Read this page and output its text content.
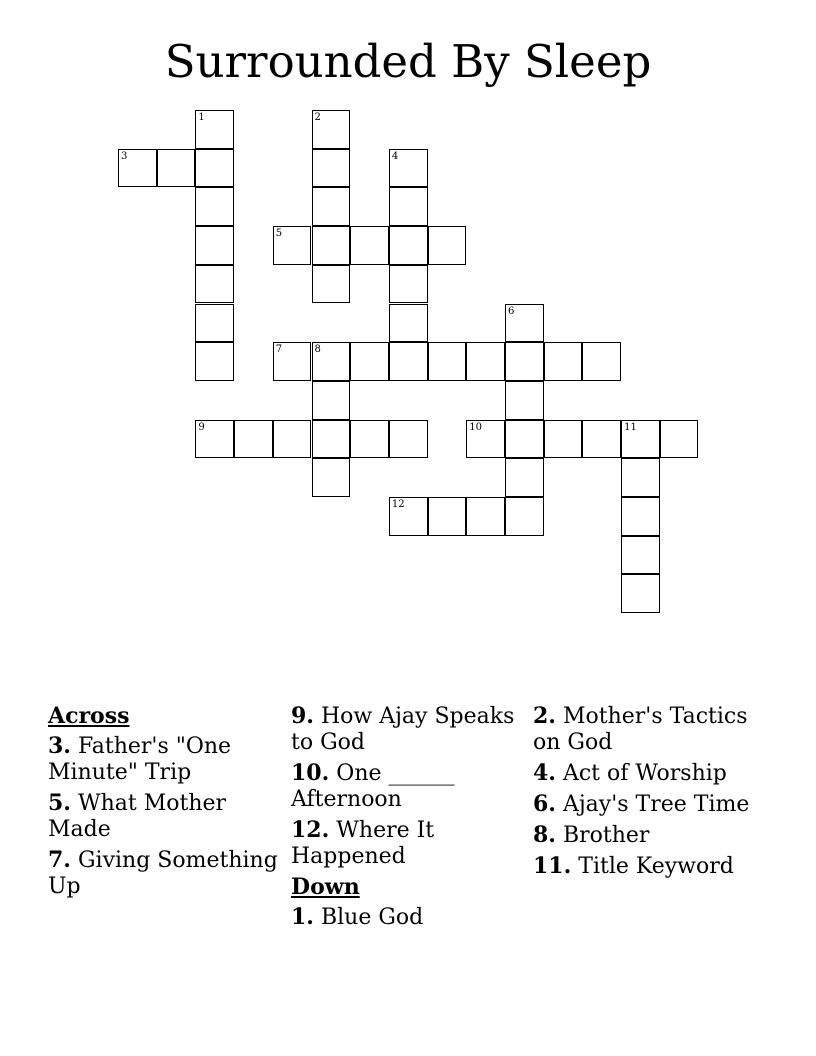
Surrounded By Sleep
1	2
3	4
5
6
7	8
9	10	11
12
Across
3. Father's "One Minute" Trip
5. What Mother Made
7. Giving Something Up
9. How Ajay Speaks to God
10. One ______ Afternoon
12. Where It Happened
Down
1. Blue God
2. Mother's Tactics on God
4. Act of Worship
6. Ajay's Tree Time
8. Brother
11. Title Keyword
